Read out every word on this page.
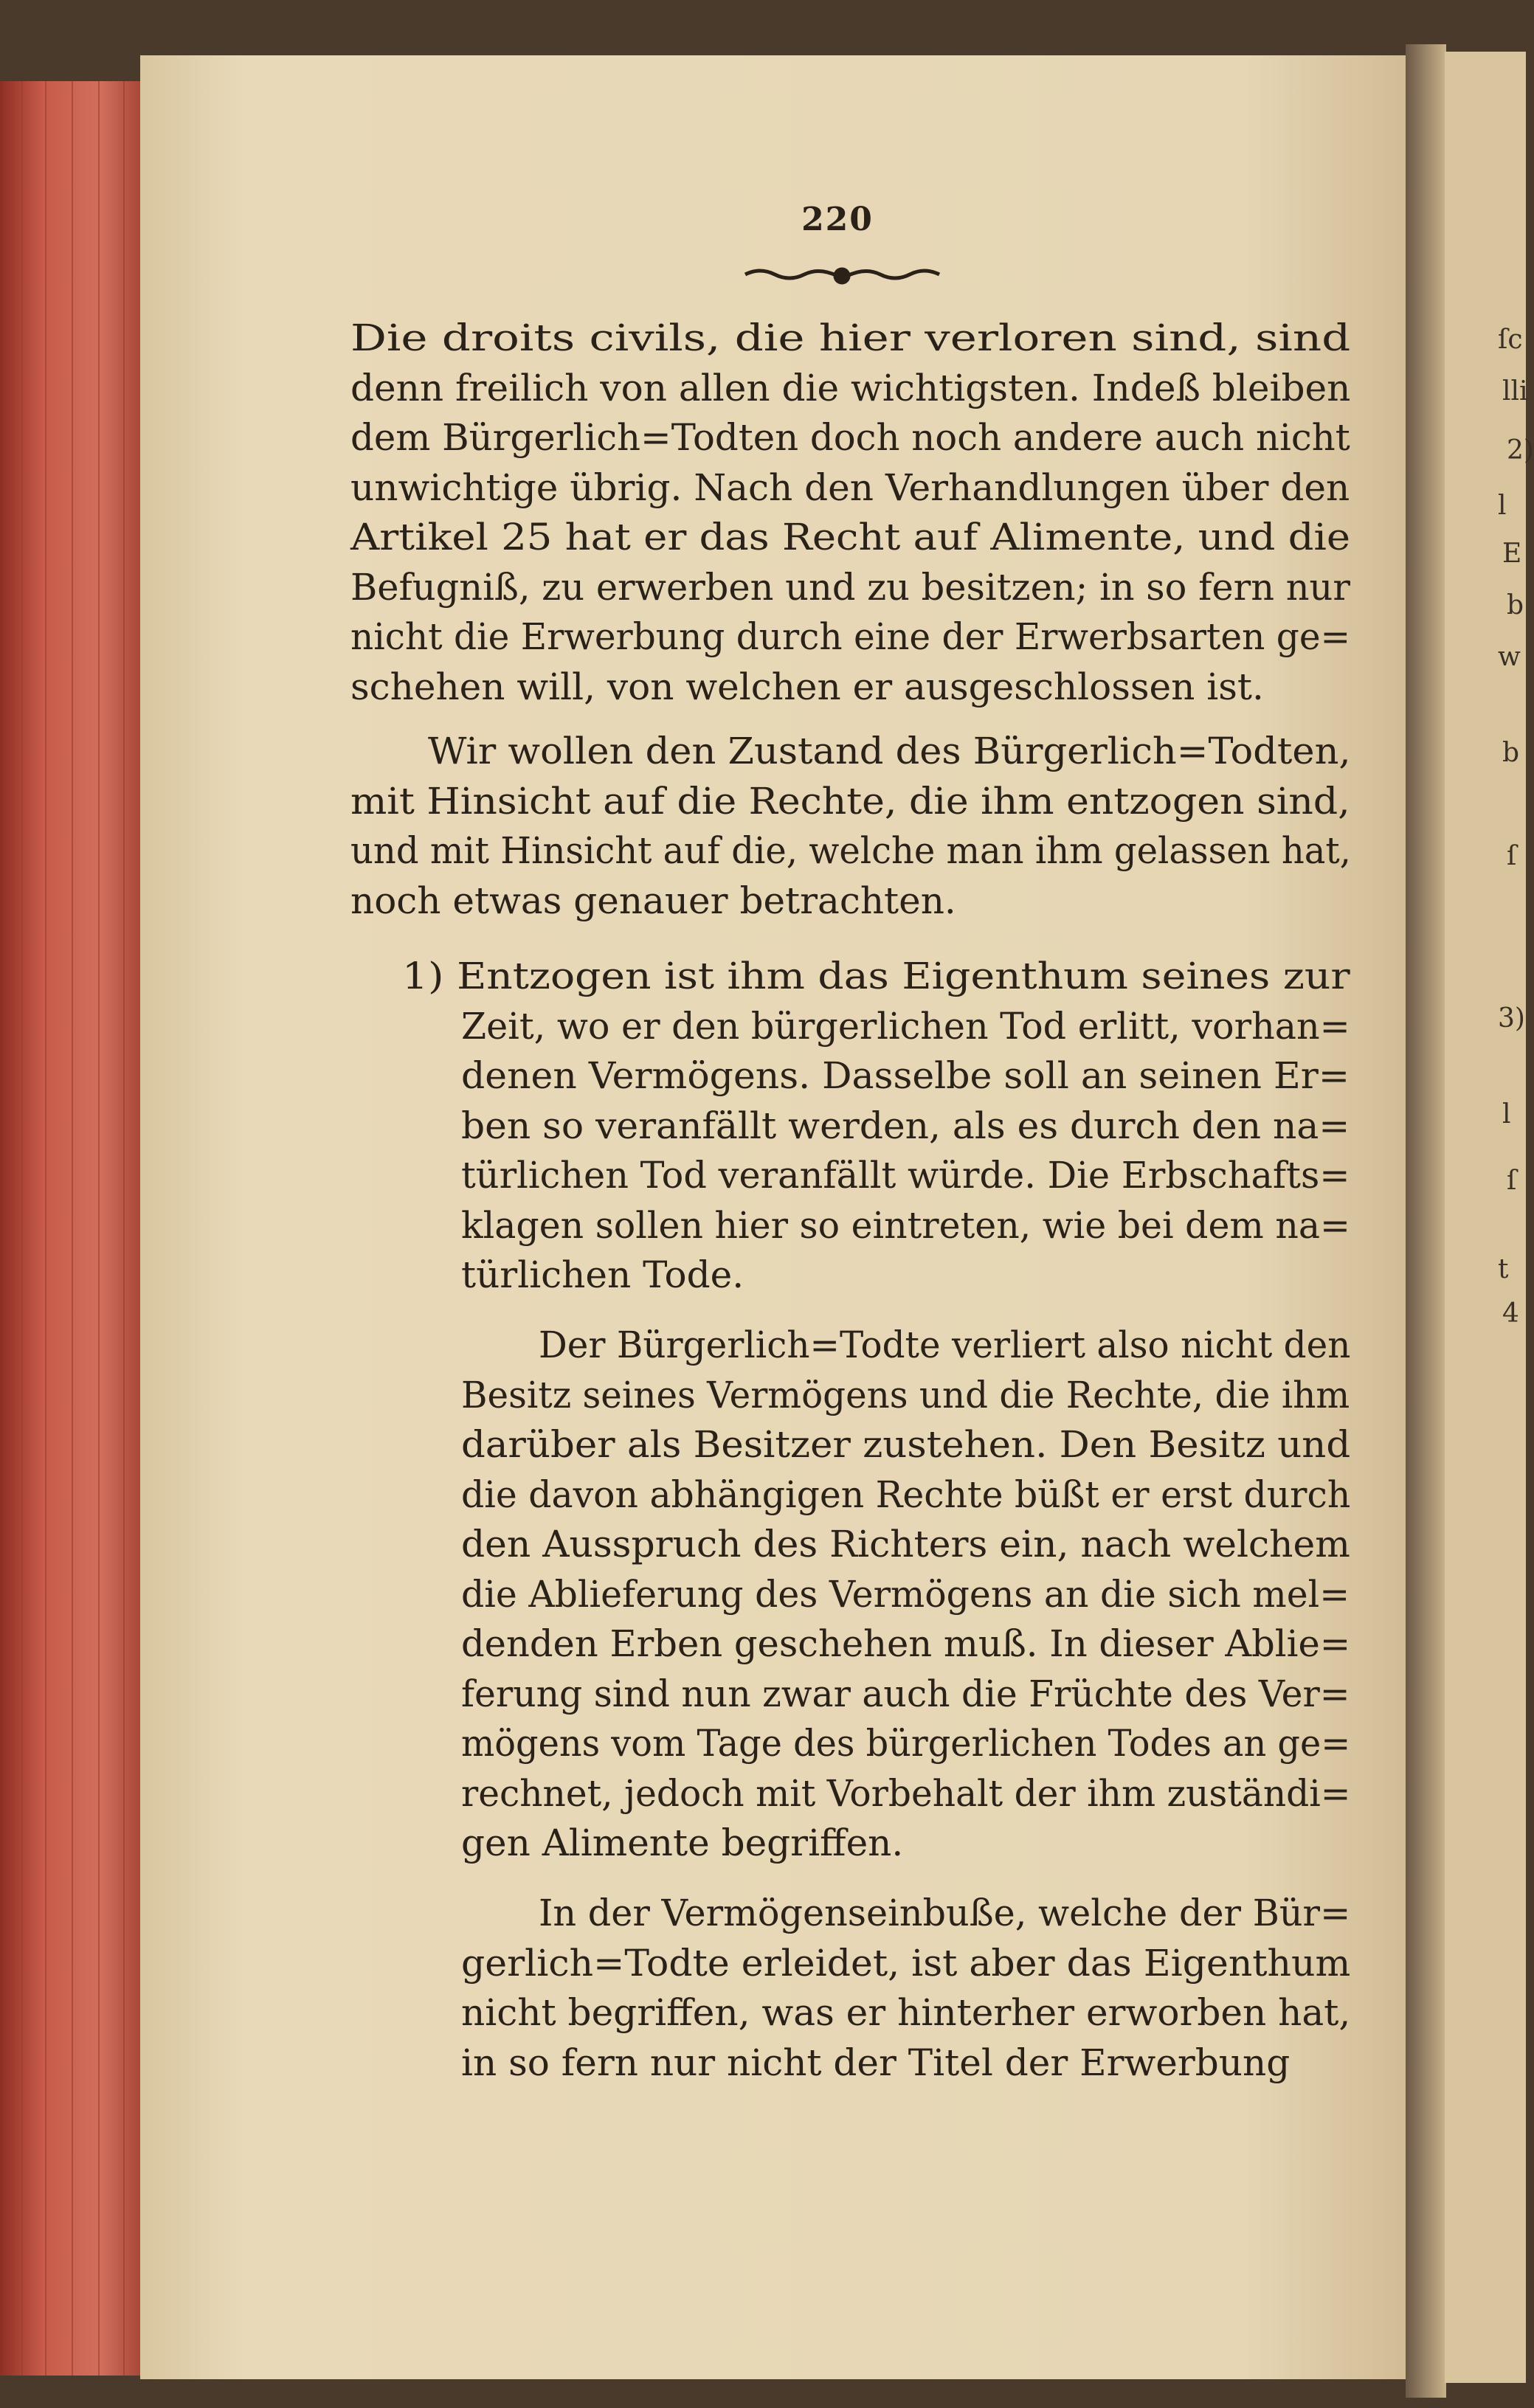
220
Die droits civils, die hier verloren sind, sind
denn freilich von allen die wichtigsten. Indeß bleiben
dem Bürgerlich=Todten doch noch andere auch nicht
unwichtige übrig. Nach den Verhandlungen über den
Artikel 25 hat er das Recht auf Alimente, und die
Befugniß, zu erwerben und zu besitzen; in so fern nur
nicht die Erwerbung durch eine der Erwerbsarten ge=
schehen will, von welchen er ausgeschlossen ist.
Wir wollen den Zustand des Bürgerlich=Todten,
mit Hinsicht auf die Rechte, die ihm entzogen sind,
und mit Hinsicht auf die, welche man ihm gelassen hat,
noch etwas genauer betrachten.
1) Entzogen ist ihm das Eigenthum seines zur
Zeit, wo er den bürgerlichen Tod erlitt, vorhan=
denen Vermögens. Dasselbe soll an seinen Er=
ben so veranfällt werden, als es durch den na=
türlichen Tod veranfällt würde. Die Erbschafts=
klagen sollen hier so eintreten, wie bei dem na=
türlichen Tode.
Der Bürgerlich=Todte verliert also nicht den
Besitz seines Vermögens und die Rechte, die ihm
darüber als Besitzer zustehen. Den Besitz und
die davon abhängigen Rechte büßt er erst durch
den Ausspruch des Richters ein, nach welchem
die Ablieferung des Vermögens an die sich mel=
denden Erben geschehen muß. In dieser Ablie=
ferung sind nun zwar auch die Früchte des Ver=
mögens vom Tage des bürgerlichen Todes an ge=
rechnet, jedoch mit Vorbehalt der ihm zuständi=
gen Alimente begriffen.
In der Vermögenseinbuße, welche der Bür=
gerlich=Todte erleidet, ist aber das Eigenthum
nicht begriffen, was er hinterher erworben hat,
in so fern nur nicht der Titel der Erwerbung
ſc
lli
2)
l
E
b
w
b
ſ
3)
l
ſ
t
4
